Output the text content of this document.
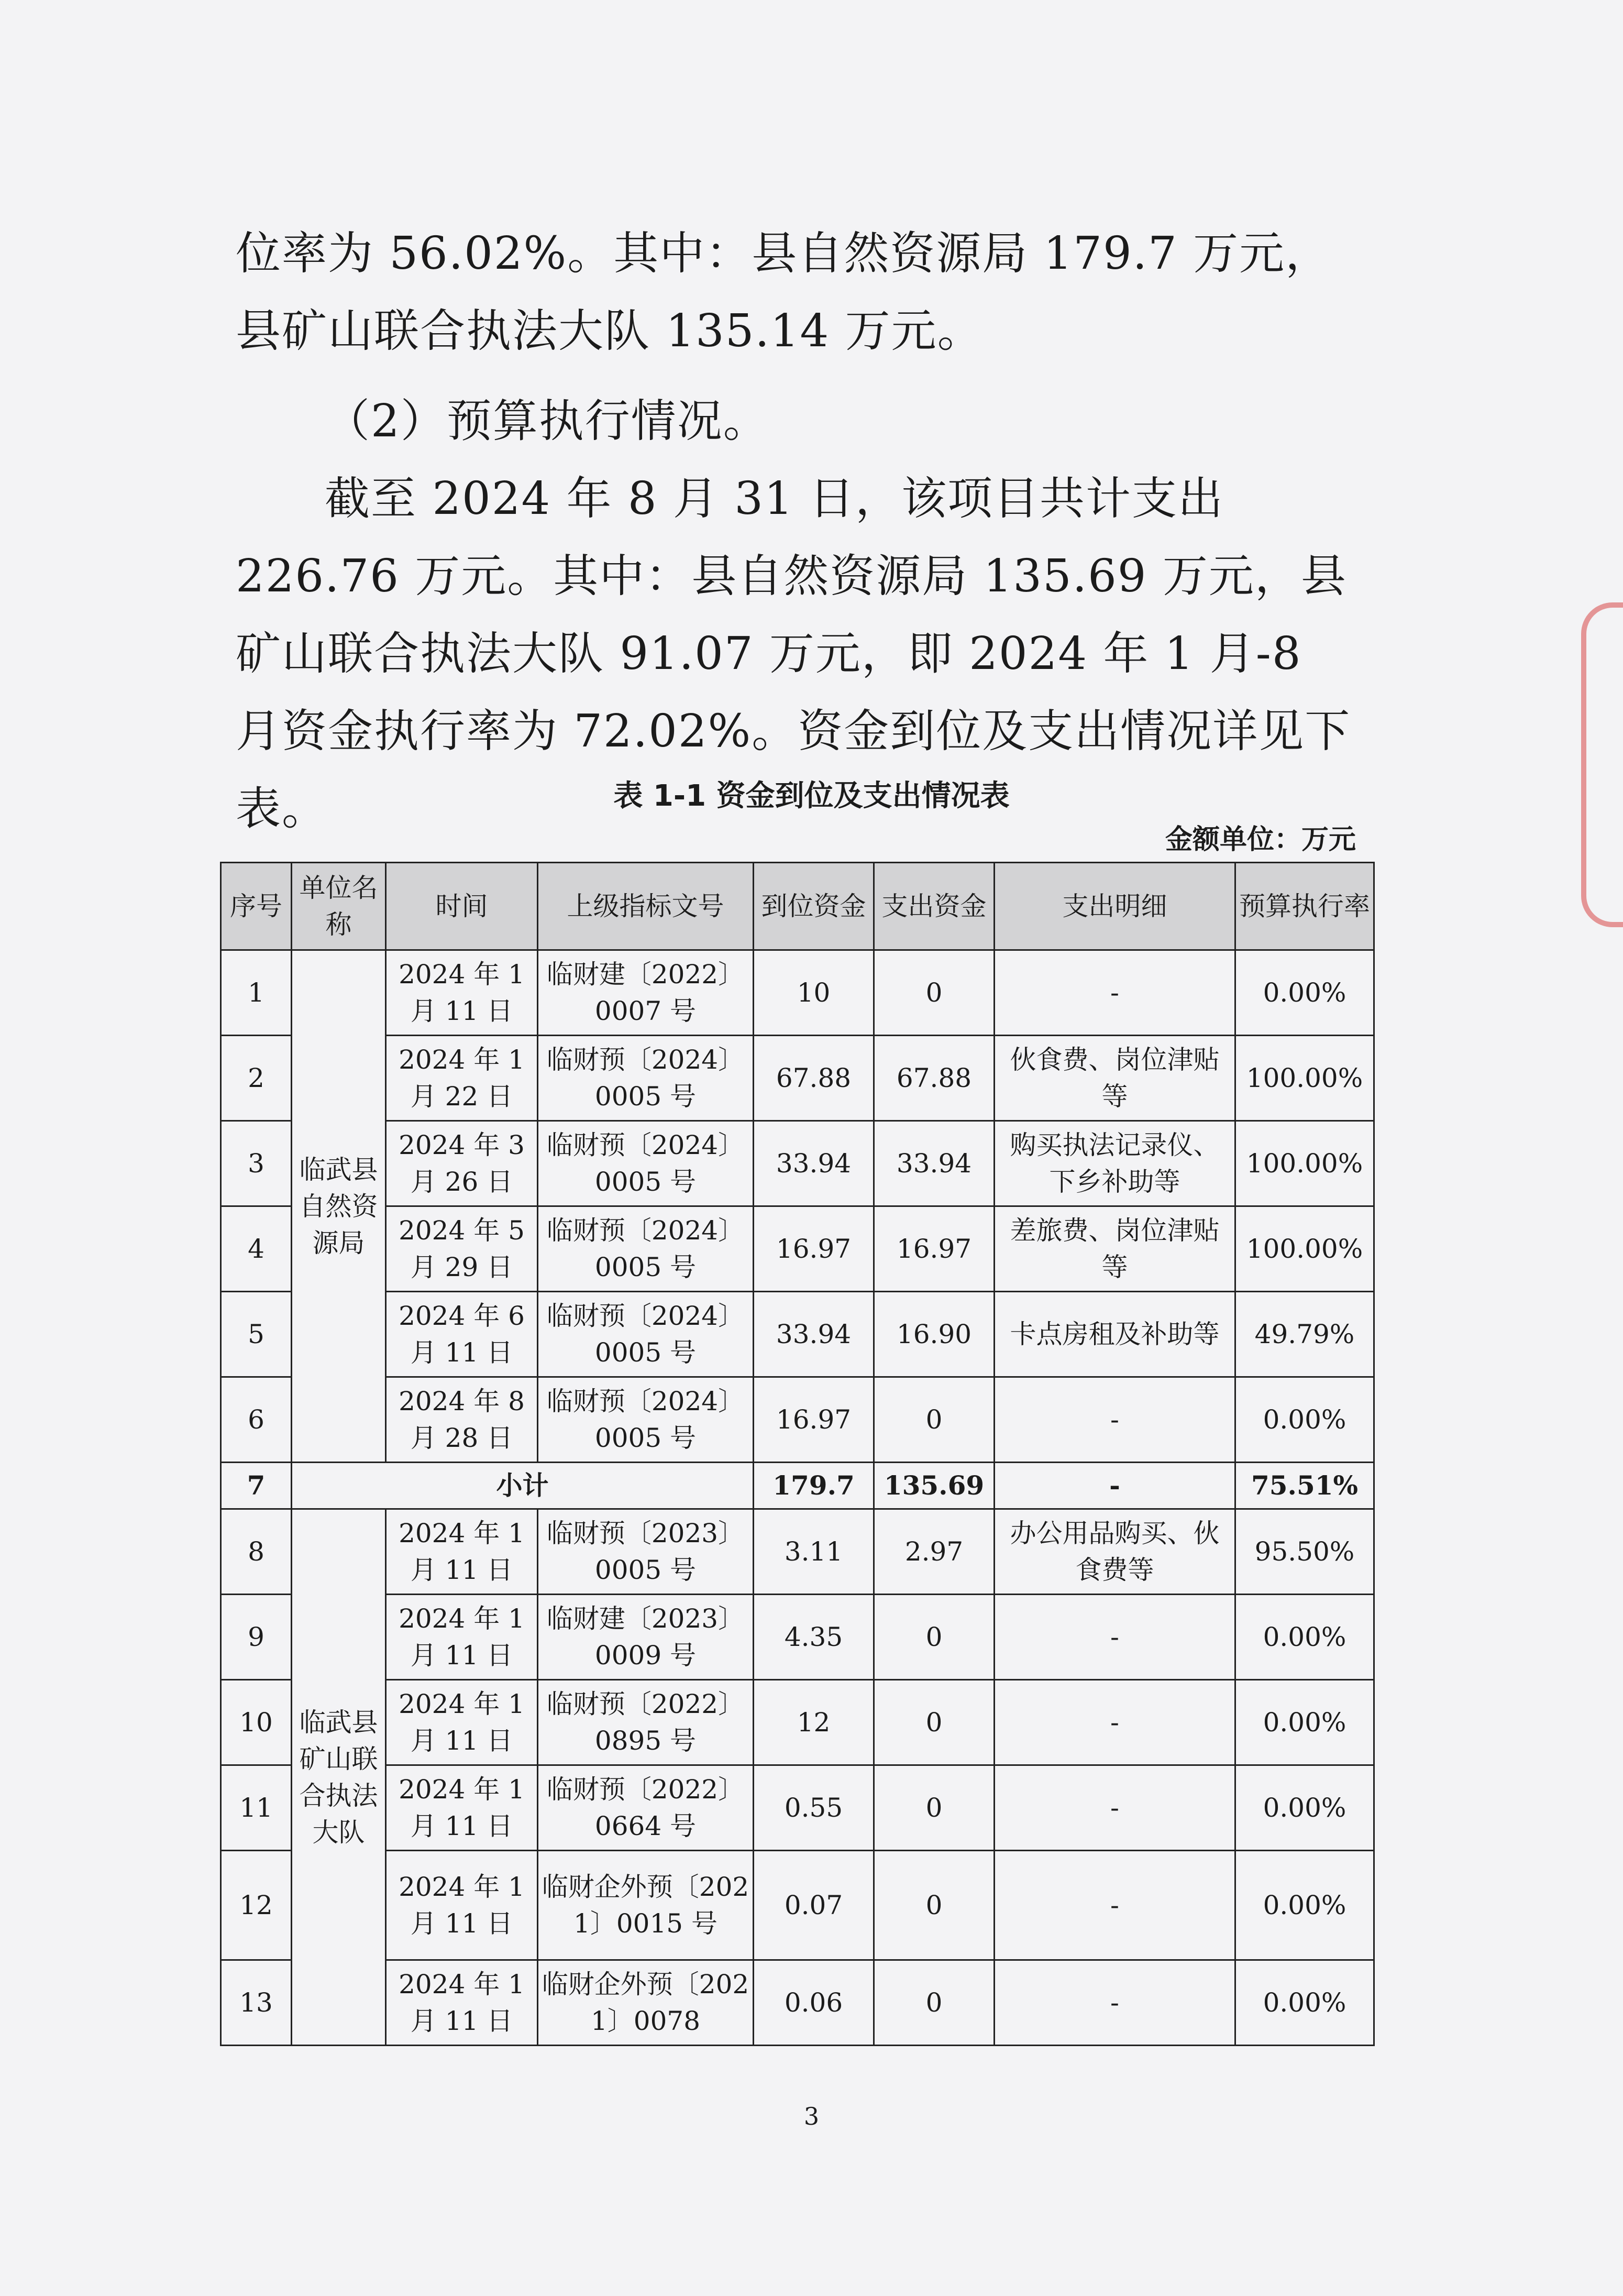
位率为 56.02%。其中：县自然资源局 179.7 万元，县矿山联合执法大队 135.14 万元。

（2）预算执行情况。

截至 2024 年 8 月 31 日，该项目共计支出 226.76 万元。其中：县自然资源局 135.69 万元，县矿山联合执法大队 91.07 万元，即 2024 年 1 月-8 月资金执行率为 72.02%。资金到位及支出情况详见下表。	表 1-1 资金到位及支出情况表
金额单位：万元
序号	单位名称	时间	上级指标文号	到位资金	支出资金	支出明细	预算执行率
1	临武县自然资源局	2024 年 1 月 11 日	临财建〔2022〕0007 号	10	0	-	0.00%
2		2024 年 1 月 22 日	临财预〔2024〕0005 号	67.88	67.88	伙食费、岗位津贴等	100.00%
3		2024 年 3 月 26 日	临财预〔2024〕0005 号	33.94	33.94	购买执法记录仪、下乡补助等	100.00%
4		2024 年 5 月 29 日	临财预〔2024〕0005 号	16.97	16.97	差旅费、岗位津贴等	100.00%
5		2024 年 6 月 11 日	临财预〔2024〕0005 号	33.94	16.90	卡点房租及补助等	49.79%
6		2024 年 8 月 28 日	临财预〔2024〕0005 号	16.97	0	-	0.00%
7	小计			179.7	135.69	-	75.51%
8	临武县矿山联合执法大队	2024 年 1 月 11 日	临财预〔2023〕0005 号	3.11	2.97	办公用品购买、伙食费等	95.50%
9		2024 年 1 月 11 日	临财建〔2023〕0009 号	4.35	0	-	0.00%
10		2024 年 1 月 11 日	临财预〔2022〕0895 号	12	0	-	0.00%
11		2024 年 1 月 11 日	临财预〔2022〕0664 号	0.55	0	-	0.00%
12		2024 年 1 月 11 日	临财企外预〔2021〕0015 号	0.07	0	-	0.00%
13		2024 年 1 月 11 日	临财企外预〔2021〕0078	0.06	0	-	0.00%
3
